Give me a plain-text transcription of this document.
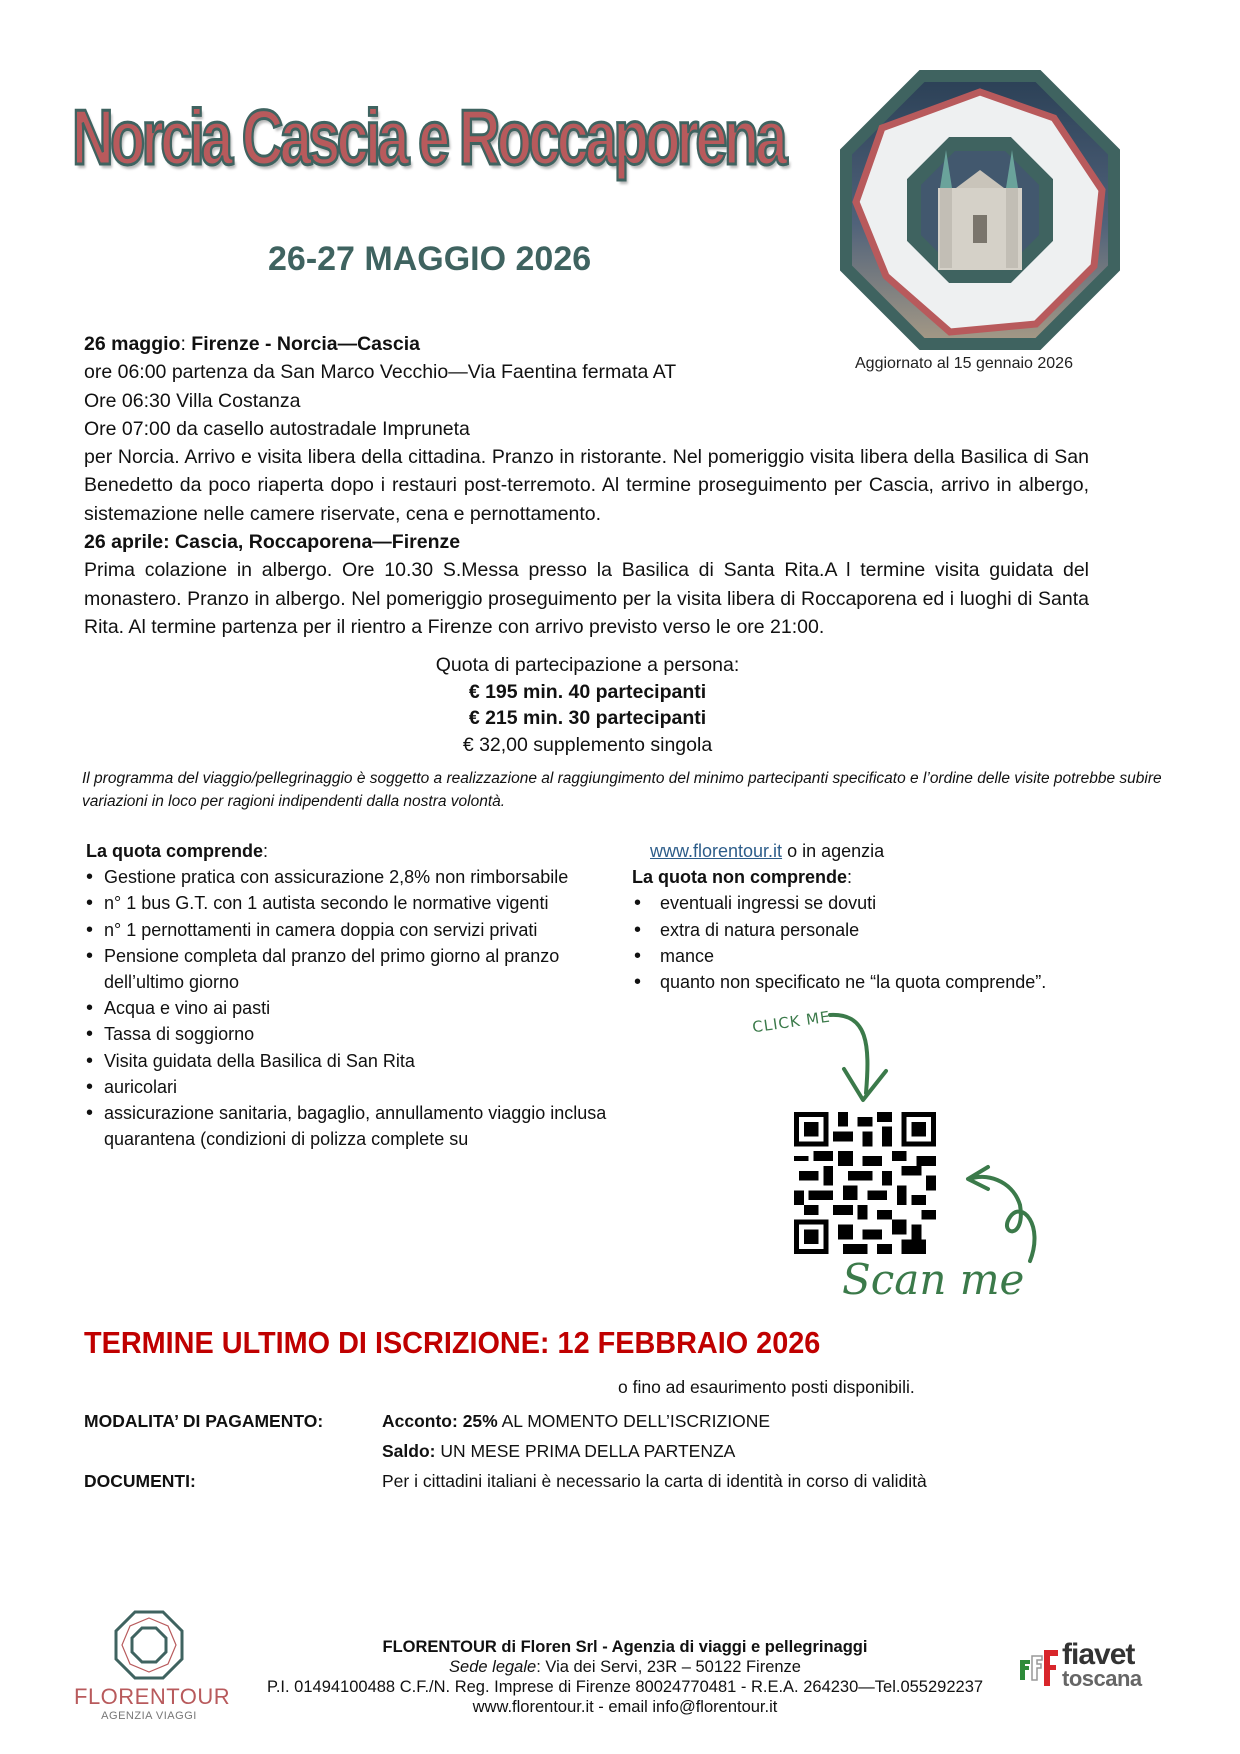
Norcia Cascia e Roccaporena
26-27 MAGGIO 2026
Aggiornato al 15 gennaio 2026

26 maggio: Firenze - Norcia—Cascia

ore 06:00 partenza da San Marco Vecchio—Via Faentina fermata AT

Ore 06:30 Villa Costanza

Ore 07:00 da casello autostradale Impruneta

per Norcia. Arrivo e visita libera della cittadina. Pranzo in ristorante. Nel pomeriggio visita libera della Basilica di San Benedetto da poco riaperta dopo i restauri post-terremoto. Al termine proseguimento per Cascia, arrivo in albergo, sistemazione nelle camere riservate, cena e pernottamento.

26 aprile: Cascia, Roccaporena—Firenze

Prima colazione in albergo. Ore 10.30 S.Messa presso la Basilica di Santa Rita.A l termine visita guidata del monastero. Pranzo in albergo. Nel pomeriggio proseguimento per la visita libera di Roccaporena ed i luoghi di Santa Rita. Al termine partenza per il rientro a Firenze con arrivo previsto verso le ore 21:00.

Quota di partecipazione a persona:
€ 195 min. 40 partecipanti
€ 215 min. 30 partecipanti
€ 32,00 supplemento singola
Il programma del viaggio/pellegrinaggio è soggetto a realizzazione al raggiungimento del minimo partecipanti specificato e l’ordine delle visite potrebbe subire variazioni in loco per ragioni indipendenti dalla nostra volontà.
La quota comprende:
• Gestione pratica con assicurazione 2,8% non rimborsabile
• n° 1 bus G.T. con 1 autista secondo le normative vigenti
• n° 1 pernottamenti in camera doppia con servizi privati
• Pensione completa dal pranzo del primo giorno al pranzo dell’ultimo giorno
• Acqua e vino ai pasti
• Tassa di soggiorno
• Visita guidata della Basilica di San Rita
• auricolari
• assicurazione sanitaria, bagaglio, annullamento viaggio inclusa quarantena (condizioni di polizza complete su
www.florentour.it o in agenzia
La quota non comprende:
• eventuali ingressi se dovuti
• extra di natura personale
• mance
• quanto non specificato ne “la quota comprende”.
CLICK ME
Scan me
TERMINE ULTIMO DI ISCRIZIONE: 12 FEBBRAIO 2026
o fino ad esaurimento posti disponibili.
MODALITA’ DI PAGAMENTO:	Acconto: 25% AL MOMENTO DELL’ISCRIZIONE
Saldo: UN MESE PRIMA DELLA PARTENZA
DOCUMENTI:	Per i cittadini italiani è necessario la carta di identità in corso di validità
FLORENTOUR
AGENZIA VIAGGI
FLORENTOUR di Floren Srl - Agenzia di viaggi e pellegrinaggi
Sede legale: Via dei Servi, 23R – 50122 Firenze
P.I. 01494100488 C.F./N. Reg. Imprese di Firenze 80024770481 - R.E.A. 264230—Tel.055292237
www.florentour.it - email info@florentour.it
fiavet
toscana
